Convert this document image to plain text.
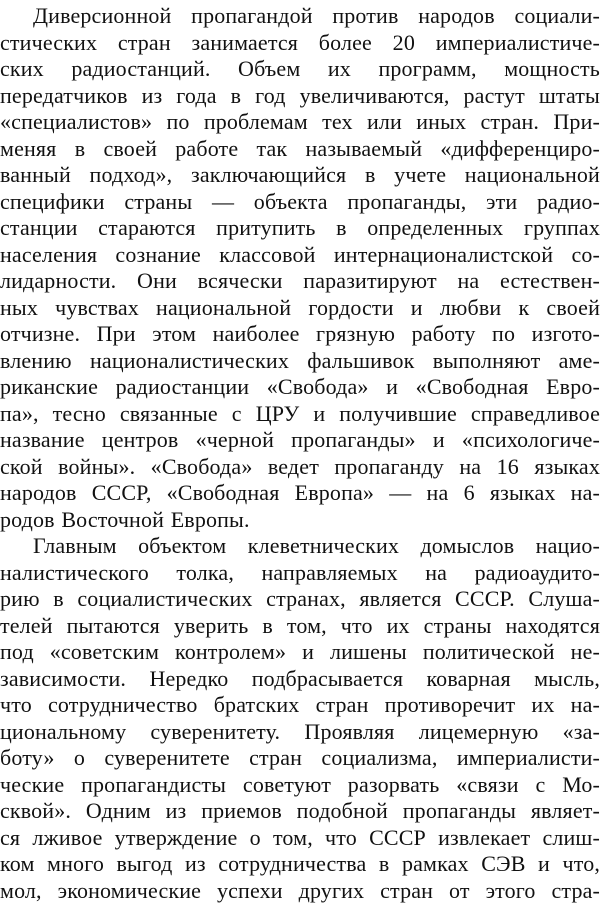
Диверсионной пропагандой против народов социали-
стических стран занимается более 20 империалистиче-
ских радиостанций. Объем их программ, мощность
передатчиков из года в год увеличиваются, растут штаты
«специалистов» по проблемам тех или иных стран. При-
меняя в своей работе так называемый «дифференциро-
ванный подход», заключающийся в учете национальной
специфики страны — объекта пропаганды, эти радио-
станции стараются притупить в определенных группах
населения сознание классовой интернационалистской со-
лидарности. Они всячески паразитируют на естествен-
ных чувствах национальной гордости и любви к своей
отчизне. При этом наиболее грязную работу по изгото-
влению националистических фальшивок выполняют аме-
риканские радиостанции «Свобода» и «Свободная Евро-
па», тесно связанные с ЦРУ и получившие справедливое
название центров «черной пропаганды» и «психологиче-
ской войны». «Свобода» ведет пропаганду на 16 языках
народов СССР, «Свободная Европа» — на 6 языках на-
родов Восточной Европы.
Главным объектом клеветнических домыслов нацио-
налистического толка, направляемых на радиоаудито-
рию в социалистических странах, является СССР. Слуша-
телей пытаются уверить в том, что их страны находятся
под «советским контролем» и лишены политической не-
зависимости. Нередко подбрасывается коварная мысль,
что сотрудничество братских стран противоречит их на-
циональному суверенитету. Проявляя лицемерную «за-
боту» о суверенитете стран социализма, империалисти-
ческие пропагандисты советуют разорвать «связи с Мо-
сквой». Одним из приемов подобной пропаганды являет-
ся лживое утверждение о том, что СССР извлекает слиш-
ком много выгод из сотрудничества в рамках СЭВ и что,
мол, экономические успехи других стран от этого стра-
